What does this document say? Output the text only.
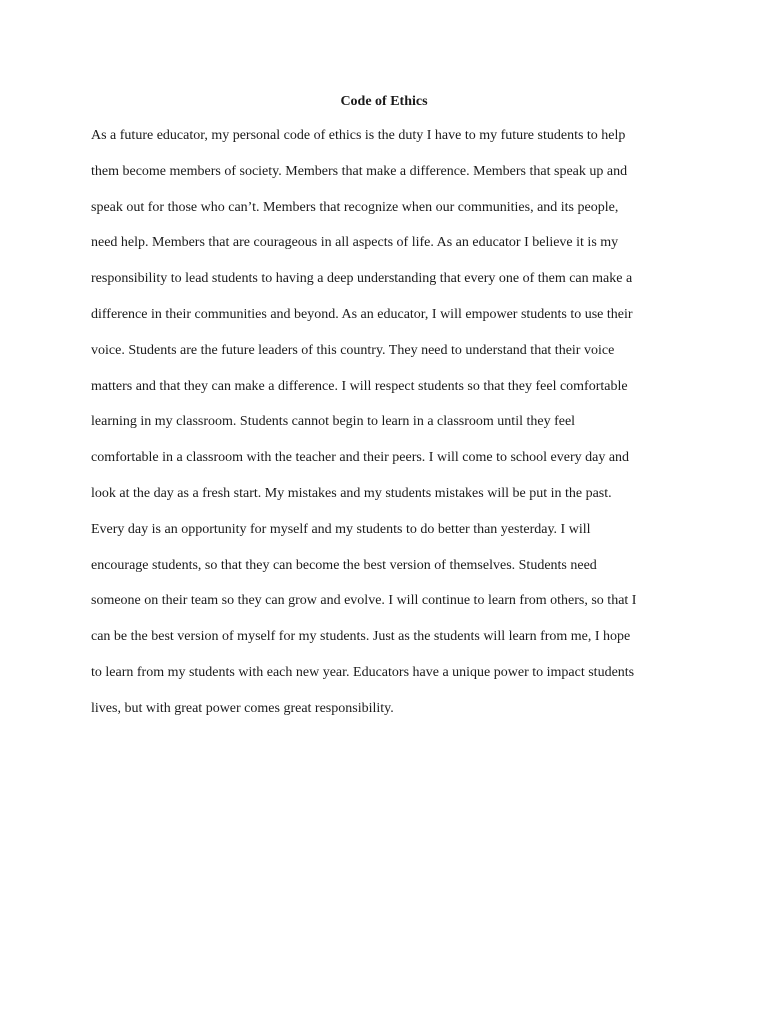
Code of Ethics
As a future educator, my personal code of ethics is the duty I have to my future students to help
them become members of society. Members that make a difference. Members that speak up and
speak out for those who can’t. Members that recognize when our communities, and its people,
need help. Members that are courageous in all aspects of life. As an educator I believe it is my
responsibility to lead students to having a deep understanding that every one of them can make a
difference in their communities and beyond. As an educator, I will empower students to use their
voice. Students are the future leaders of this country. They need to understand that their voice
matters and that they can make a difference. I will respect students so that they feel comfortable
learning in my classroom. Students cannot begin to learn in a classroom until they feel
comfortable in a classroom with the teacher and their peers. I will come to school every day and
look at the day as a fresh start. My mistakes and my students mistakes will be put in the past.
Every day is an opportunity for myself and my students to do better than yesterday. I will
encourage students, so that they can become the best version of themselves. Students need
someone on their team so they can grow and evolve. I will continue to learn from others, so that I
can be the best version of myself for my students. Just as the students will learn from me, I hope
to learn from my students with each new year. Educators have a unique power to impact students
lives, but with great power comes great responsibility.
